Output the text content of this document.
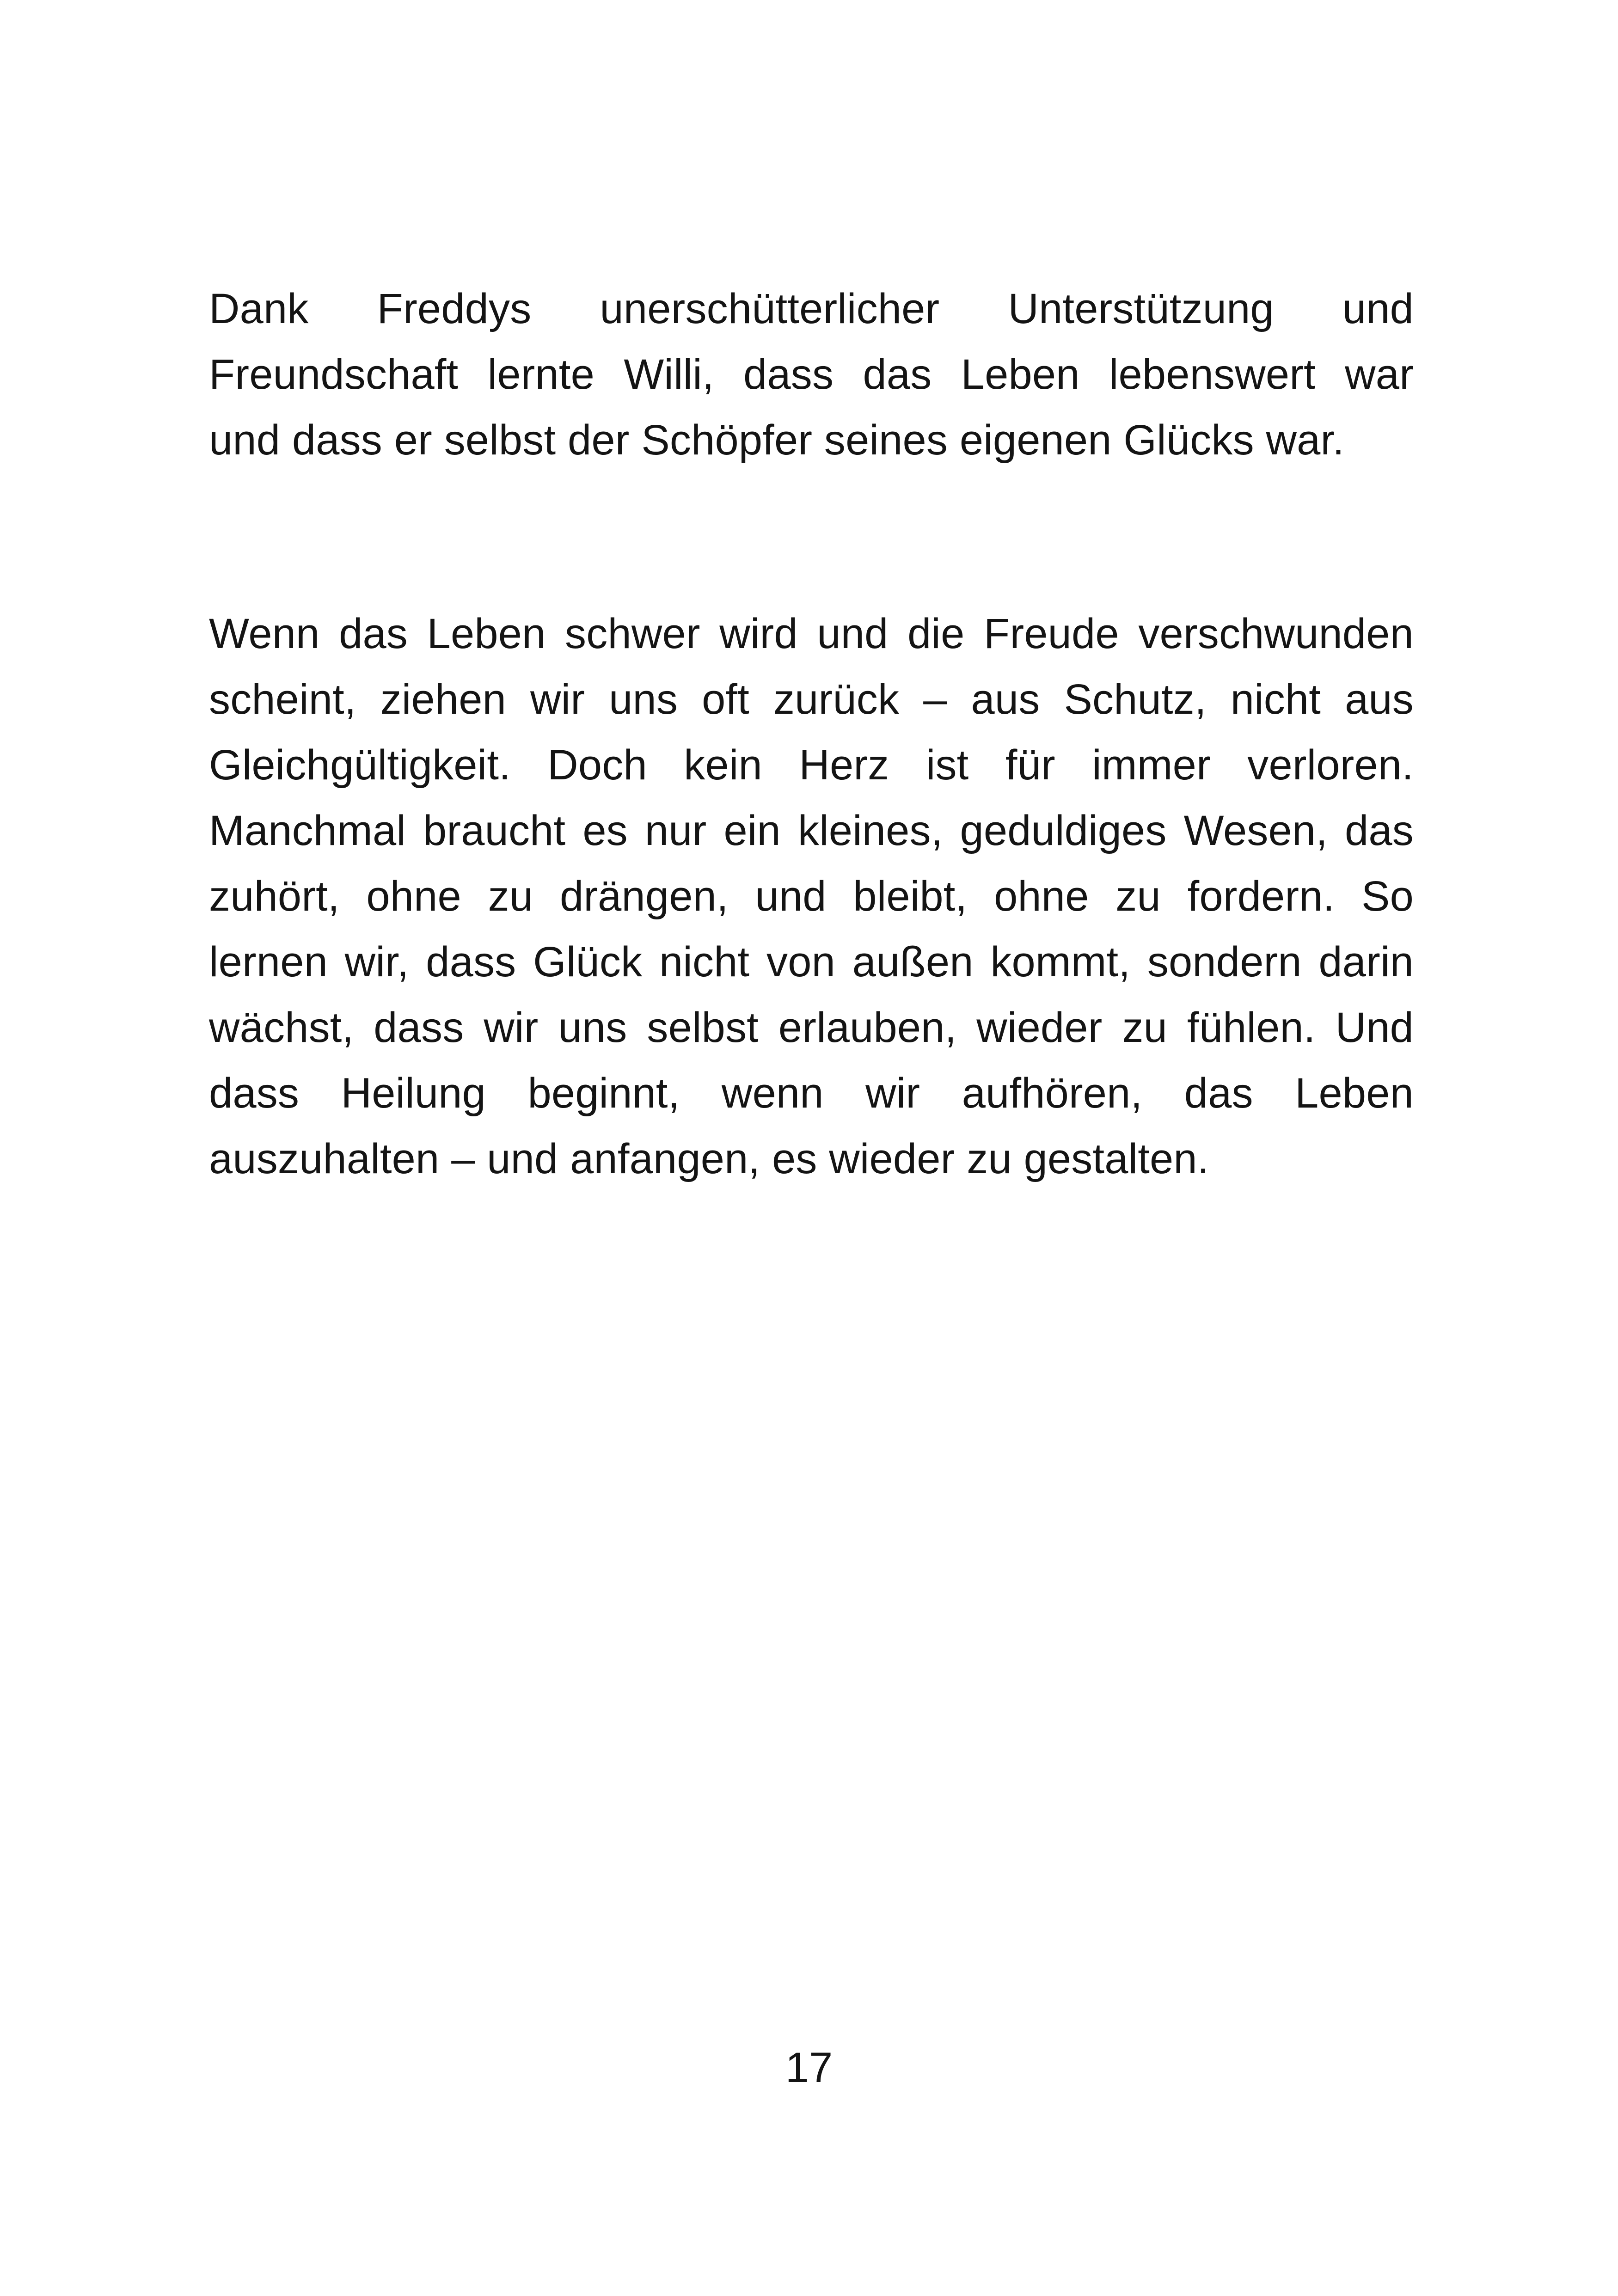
Dank Freddys unerschütterlicher Unterstützung und
Freundschaft lernte Willi, dass das Leben lebenswert war
und dass er selbst der Schöpfer seines eigenen Glücks war.
Wenn das Leben schwer wird und die Freude verschwunden
scheint, ziehen wir uns oft zurück – aus Schutz, nicht aus
Gleichgültigkeit. Doch kein Herz ist für immer verloren.
Manchmal braucht es nur ein kleines, geduldiges Wesen, das
zuhört, ohne zu drängen, und bleibt, ohne zu fordern. So
lernen wir, dass Glück nicht von außen kommt, sondern darin
wächst, dass wir uns selbst erlauben, wieder zu fühlen. Und
dass Heilung beginnt, wenn wir aufhören, das Leben
auszuhalten – und anfangen, es wieder zu gestalten.
17
